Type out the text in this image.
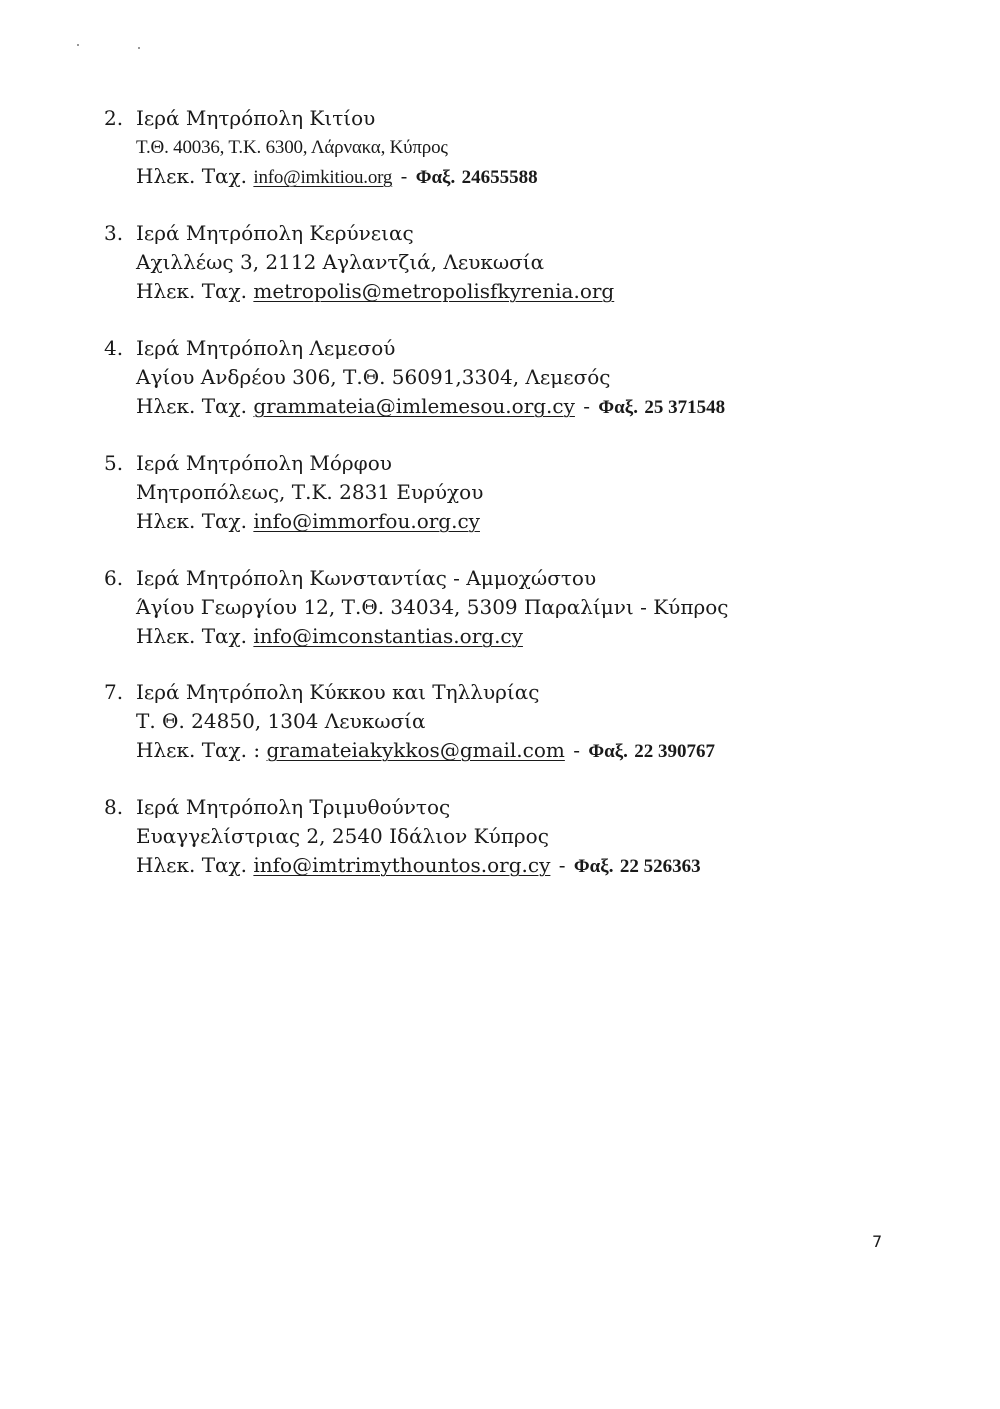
2. Ιερά Μητρόπολη Κιτίου
Τ.Θ. 40036, Τ.Κ. 6300, Λάρνακα, Κύπρος
Ηλεκ. Ταχ. info@imkitiou.org - Φαξ. 24655588
3. Ιερά Μητρόπολη Κερύνειας
Αχιλλέως 3, 2112 Αγλαντζιά, Λευκωσία
Ηλεκ. Ταχ. metropolis@metropolisfkyrenia.org
4. Ιερά Μητρόπολη Λεμεσού
Αγίου Ανδρέου 306, Τ.Θ. 56091,3304, Λεμεσός
Ηλεκ. Ταχ. grammateia@imlemesou.org.cy - Φαξ. 25 371548
5. Ιερά Μητρόπολη Μόρφου
Μητροπόλεως, Τ.Κ. 2831 Ευρύχου
Ηλεκ. Ταχ. info@immorfou.org.cy
6. Ιερά Μητρόπολη Κωνσταντίας - Αμμοχώστου
Άγίου Γεωργίου 12, Τ.Θ. 34034, 5309 Παραλίμνι - Κύπρος
Ηλεκ. Ταχ. info@imconstantias.org.cy
7. Ιερά Μητρόπολη Κύκκου και Τηλλυρίας
Τ. Θ. 24850, 1304 Λευκωσία
Ηλεκ. Ταχ. : gramateiakykkos@gmail.com - Φαξ. 22 390767
8. Ιερά Μητρόπολη Τριμυθούντος
Ευαγγελίστριας 2, 2540 Ιδάλιον Κύπρος
Ηλεκ. Ταχ. info@imtrimythountos.org.cy - Φαξ. 22 526363
7
